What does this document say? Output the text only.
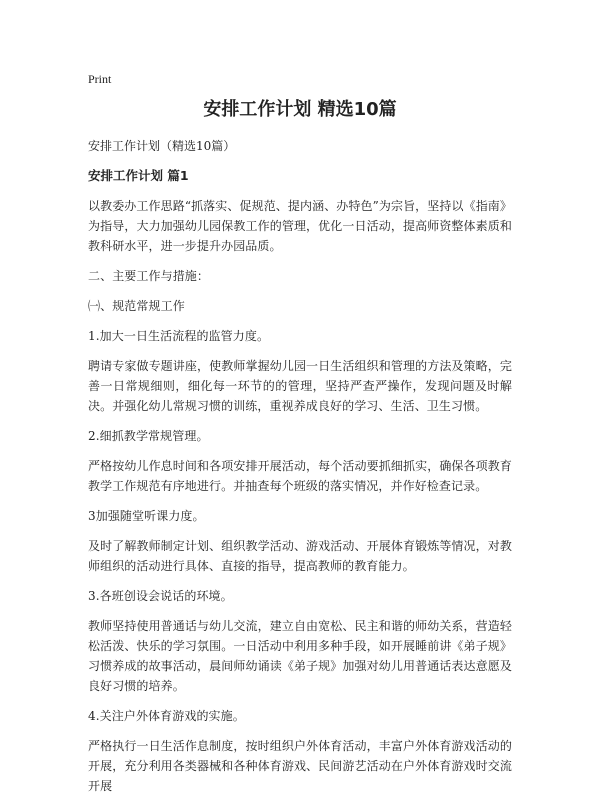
Print
安排工作计划 精选10篇
安排工作计划（精选10篇）
安排工作计划 篇1

以教委办工作思路“抓落实、促规范、提内涵、办特色”为宗旨，坚持以《指南》为指导，大力加强幼儿园保教工作的管理，优化一日活动，提高师资整体素质和教科研水平，进一步提升办园品质。

二、主要工作与措施：

㈠、规范常规工作

1.加大一日生活流程的监管力度。

聘请专家做专题讲座，使教师掌握幼儿园一日生活组织和管理的方法及策略，完善一日常规细则，细化每一环节的的管理，坚持严查严操作，发现问题及时解决。并强化幼儿常规习惯的训练，重视养成良好的学习、生活、卫生习惯。

2.细抓教学常规管理。

严格按幼儿作息时间和各项安排开展活动，每个活动要抓细抓实，确保各项教育教学工作规范有序地进行。并抽查每个班级的落实情况，并作好检查记录。

3加强随堂听课力度。

及时了解教师制定计划、组织教学活动、游戏活动、开展体育锻炼等情况，对教师组织的活动进行具体、直接的指导，提高教师的教育能力。

3.各班创设会说话的环境。

教师坚持使用普通话与幼儿交流，建立自由宽松、民主和谐的师幼关系，营造轻松活泼、快乐的学习氛围。一日活动中利用多种手段，如开展睡前讲《弟子规》习惯养成的故事活动，晨间师幼诵读《弟子规》加强对幼儿用普通话表达意愿及良好习惯的培养。

4.关注户外体育游戏的实施。

严格执行一日生活作息制度，按时组织户外体育活动，丰富户外体育游戏活动的开展，充分利用各类器械和各种体育游戏、民间游艺活动在户外体育游戏时交流开展
